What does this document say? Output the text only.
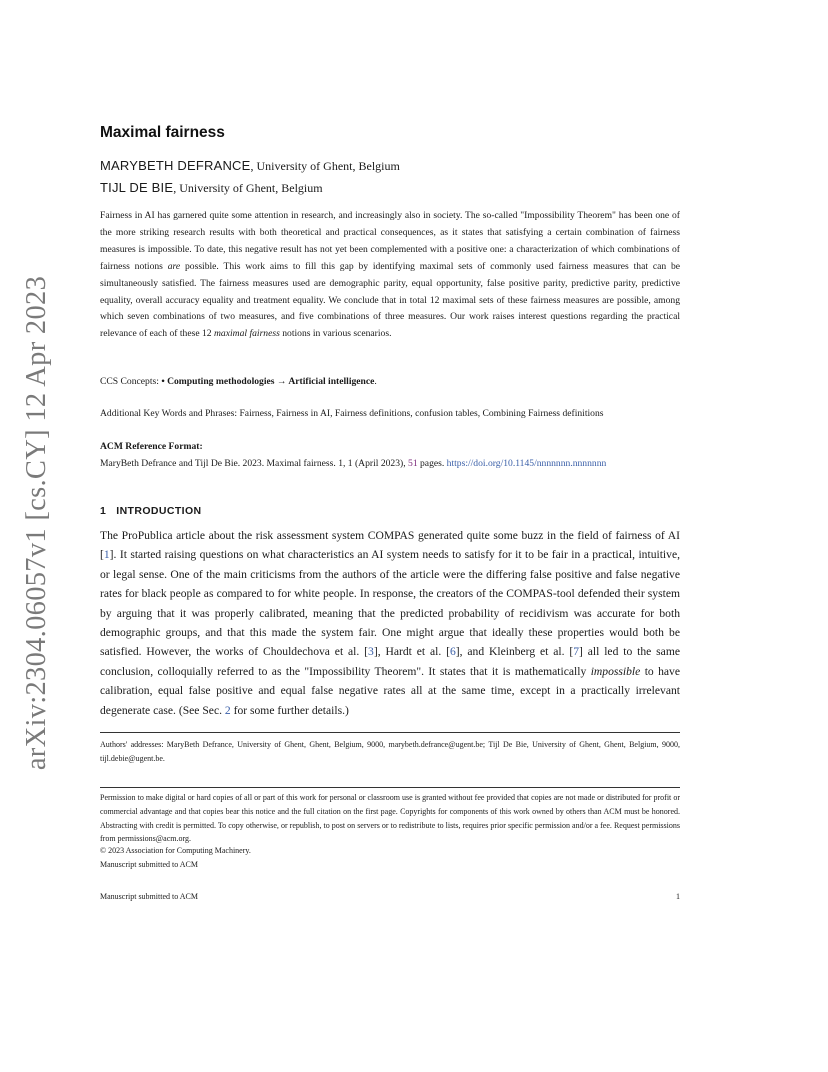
arXiv:2304.06057v1 [cs.CY] 12 Apr 2023
Maximal fairness
MARYBETH DEFRANCE, University of Ghent, Belgium
TIJL DE BIE, University of Ghent, Belgium
Fairness in AI has garnered quite some attention in research, and increasingly also in society. The so-called "Impossibility Theorem" has been one of the more striking research results with both theoretical and practical consequences, as it states that satisfying a certain combination of fairness measures is impossible. To date, this negative result has not yet been complemented with a positive one: a characterization of which combinations of fairness notions are possible. This work aims to fill this gap by identifying maximal sets of commonly used fairness measures that can be simultaneously satisfied. The fairness measures used are demographic parity, equal opportunity, false positive parity, predictive parity, predictive equality, overall accuracy equality and treatment equality. We conclude that in total 12 maximal sets of these fairness measures are possible, among which seven combinations of two measures, and five combinations of three measures. Our work raises interest questions regarding the practical relevance of each of these 12 maximal fairness notions in various scenarios.
CCS Concepts: • Computing methodologies → Artificial intelligence.
Additional Key Words and Phrases: Fairness, Fairness in AI, Fairness definitions, confusion tables, Combining Fairness definitions
ACM Reference Format:
MaryBeth Defrance and Tijl De Bie. 2023. Maximal fairness. 1, 1 (April 2023), 51 pages. https://doi.org/10.1145/nnnnnnn.nnnnnnn
1 INTRODUCTION
The ProPublica article about the risk assessment system COMPAS generated quite some buzz in the field of fairness of AI [1]. It started raising questions on what characteristics an AI system needs to satisfy for it to be fair in a practical, intuitive, or legal sense. One of the main criticisms from the authors of the article were the differing false positive and false negative rates for black people as compared to for white people. In response, the creators of the COMPAS-tool defended their system by arguing that it was properly calibrated, meaning that the predicted probability of recidivism was accurate for both demographic groups, and that this made the system fair. One might argue that ideally these properties would both be satisfied. However, the works of Chouldechova et al. [3], Hardt et al. [6], and Kleinberg et al. [7] all led to the same conclusion, colloquially referred to as the "Impossibility Theorem". It states that it is mathematically impossible to have calibration, equal false positive and equal false negative rates all at the same time, except in a practically irrelevant degenerate case. (See Sec. 2 for some further details.)
Authors' addresses: MaryBeth Defrance, University of Ghent, Ghent, Belgium, 9000, marybeth.defrance@ugent.be; Tijl De Bie, University of Ghent, Ghent, Belgium, 9000, tijl.debie@ugent.be.
Permission to make digital or hard copies of all or part of this work for personal or classroom use is granted without fee provided that copies are not made or distributed for profit or commercial advantage and that copies bear this notice and the full citation on the first page. Copyrights for components of this work owned by others than ACM must be honored. Abstracting with credit is permitted. To copy otherwise, or republish, to post on servers or to redistribute to lists, requires prior specific permission and/or a fee. Request permissions from permissions@acm.org.
© 2023 Association for Computing Machinery.
Manuscript submitted to ACM
Manuscript submitted to ACM	1
